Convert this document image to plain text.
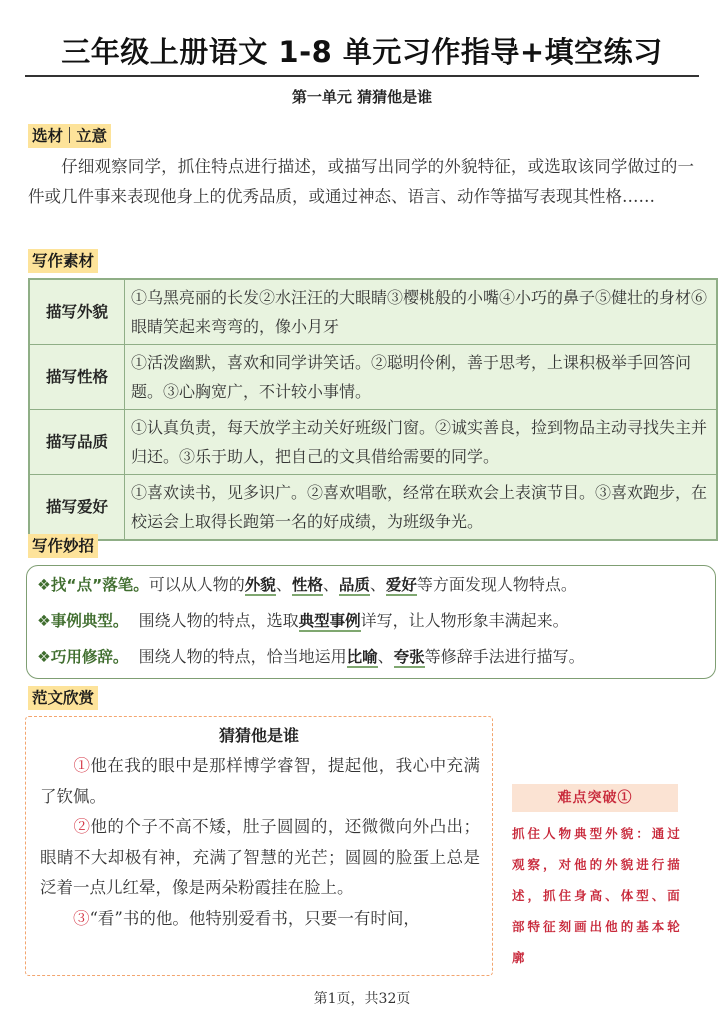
三年级上册语文 1-8 单元习作指导+填空练习
第一单元 猜猜他是谁
选材 立意
仔细观察同学，抓住特点进行描述，或描写出同学的外貌特征，或选取该同学做过的一件或几件事来表现他身上的优秀品质，或通过神态、语言、动作等描写表现其性格……
写作素材
描写外貌	①乌黑亮丽的长发②水汪汪的大眼睛③樱桃般的小嘴④小巧的鼻子⑤健壮的身材⑥眼睛笑起来弯弯的，像小月牙
描写性格	①活泼幽默，喜欢和同学讲笑话。②聪明伶俐，善于思考，上课积极举手回答问题。③心胸宽广，不计较小事情。
描写品质	①认真负责，每天放学主动关好班级门窗。②诚实善良，捡到物品主动寻找失主并归还。③乐于助人，把自己的文具借给需要的同学。
描写爱好	①喜欢读书，见多识广。②喜欢唱歌，经常在联欢会上表演节目。③喜欢跑步，在校运会上取得长跑第一名的好成绩，为班级争光。
写作妙招
❖找“点”落笔。可以从人物的外貌、性格、品质、爱好等方面发现人物特点。
❖事例典型。  围绕人物的特点，选取典型事例详写，让人物形象丰满起来。
❖巧用修辞。  围绕人物的特点，恰当地运用比喻、夸张等修辞手法进行描写。
范文欣赏
猜猜他是谁

①他在我的眼中是那样博学睿智，提起他，我心中充满了钦佩。

②他的个子不高不矮，肚子圆圆的，还微微向外凸出；眼睛不大却极有神，充满了智慧的光芒；圆圆的脸蛋上总是泛着一点儿红晕，像是两朵粉霞挂在脸上。

③“看”书的他。他特别爱看书，只要一有时间，

难点突破①
抓住人物典型外貌：通过观察，对他的外貌进行描述，抓住身高、体型、面部特征刻画出他的基本轮廓
第1页，共32页
